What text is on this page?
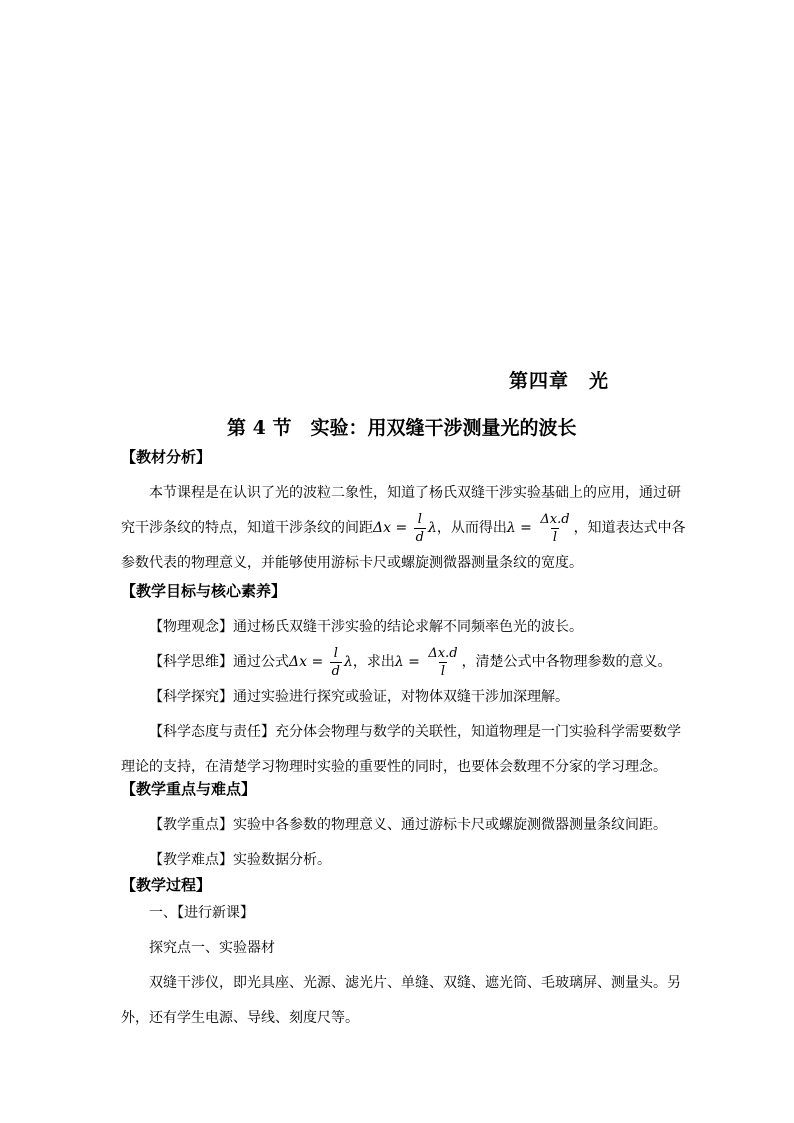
第四章　光
第 4 节　实验：用双缝干涉测量光的波长
【教材分析】
本节课程是在认识了光的波粒二象性，知道了杨氏双缝干涉实验基础上的应用，通过研
究干涉条纹的特点，知道干涉条纹的间距$\Delta x = \frac{l}{d}$ λ，从而得出$\lambda = \frac{\Delta x.d}{l}$ ，知道表达式中各
参数代表的物理意义，并能够使用游标卡尺或螺旋测微器测量条纹的宽度。
【教学目标与核心素养】
【物理观念】通过杨氏双缝干涉实验的结论求解不同频率色光的波长。
【科学思维】通过公式$\Delta x = \frac{l}{d}$ λ，求出$\lambda = \frac{\Delta x.d}{l}$ ，清楚公式中各物理参数的意义。
【科学探究】通过实验进行探究或验证，对物体双缝干涉加深理解。
【科学态度与责任】充分体会物理与数学的关联性，知道物理是一门实验科学需要数学
理论的支持，在清楚学习物理时实验的重要性的同时，也要体会数理不分家的学习理念。
【教学重点与难点】
【教学重点】实验中各参数的物理意义、通过游标卡尺或螺旋测微器测量条纹间距。
【教学难点】实验数据分析。
【教学过程】
一、【进行新课】
探究点一、实验器材
双缝干涉仪，即光具座、光源、滤光片、单缝、双缝、遮光筒、毛玻璃屏、测量头。另
外，还有学生电源、导线、刻度尺等。
